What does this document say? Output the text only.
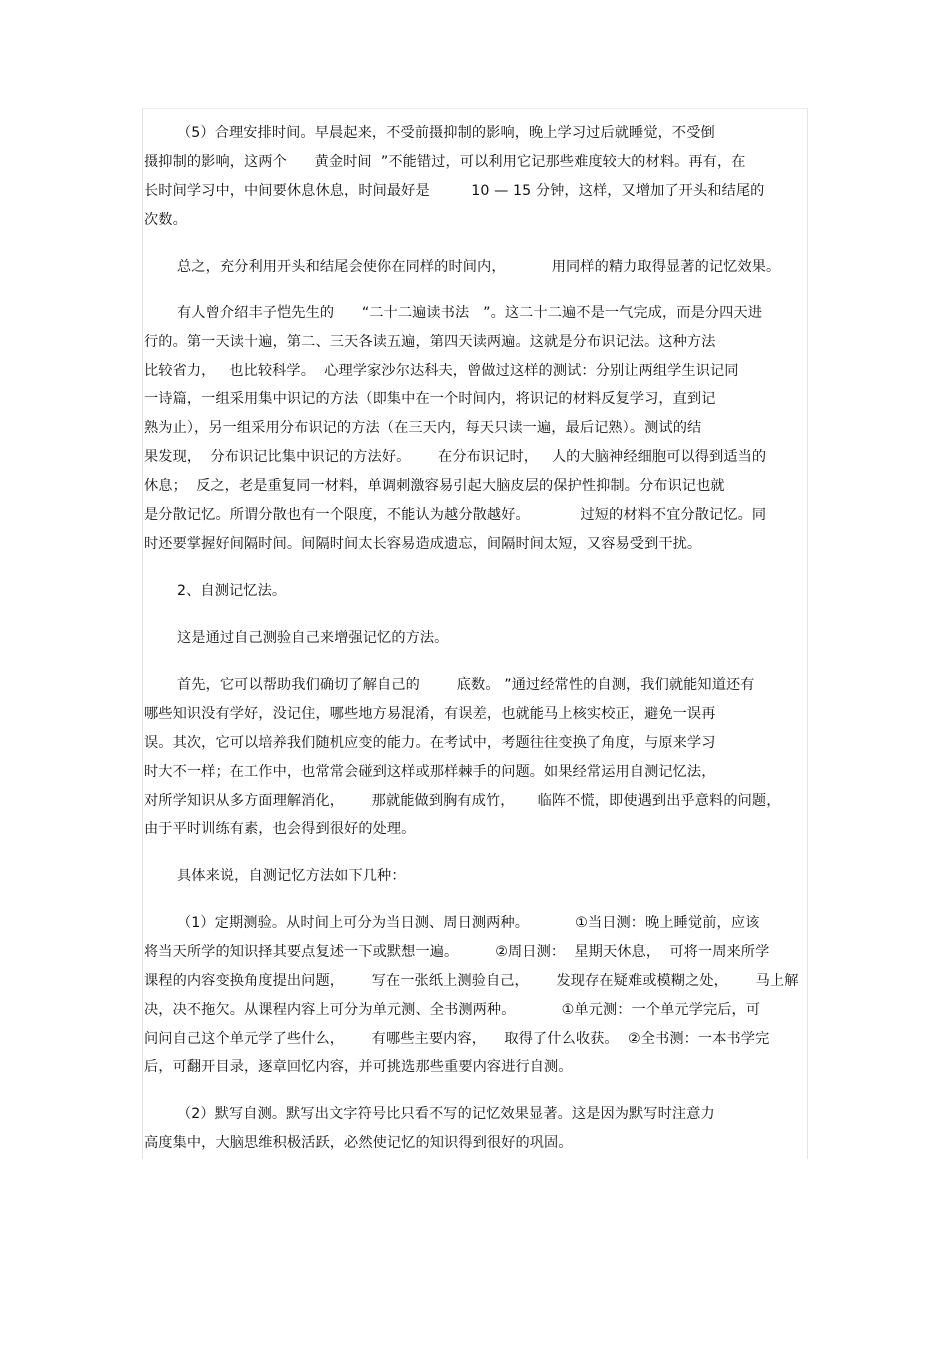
（5）合理安排时间。早晨起来，不受前摄抑制的影响，晚上学习过后就睡觉，不受倒
摄抑制的影响，这两个      黄金时间  ”不能错过，可以利用它记那些难度较大的材料。再有，在
长时间学习中，中间要休息休息，时间最好是         10 — 15 分钟，这样，又增加了开头和结尾的
次数。
总之，充分利用开头和结尾会使你在同样的时间内，          用同样的精力取得显著的记忆效果。
有人曾介绍丰子恺先生的      “二十二遍读书法   ”。这二十二遍不是一气完成，而是分四天进
行的。第一天读十遍，第二、三天各读五遍，第四天读两遍。这就是分布识记法。这种方法
比较省力，   也比较科学。  心理学家沙尔达科夫，曾做过这样的测试：分别让两组学生识记同
一诗篇，一组采用集中识记的方法（即集中在一个时间内，将识记的材料反复学习，直到记
熟为止），另一组采用分布识记的方法（在三天内，每天只读一遍，最后记熟）。测试的结
果发现，  分布识记比集中识记的方法好。      在分布识记时，   人的大脑神经细胞可以得到适当的
休息；  反之，老是重复同一材料，单调刺激容易引起大脑皮层的保护性抑制。分布识记也就
是分散记忆。所谓分散也有一个限度，不能认为越分散越好。           过短的材料不宜分散记忆。同
时还要掌握好间隔时间。间隔时间太长容易造成遗忘，间隔时间太短，又容易受到干扰。
2、自测记忆法。
这是通过自己测验自己来增强记忆的方法。
首先，它可以帮助我们确切了解自己的        底数。 ”通过经常性的自测，我们就能知道还有
哪些知识没有学好，没记住，哪些地方易混淆，有误差，也就能马上核实校正，避免一误再
误。其次，它可以培养我们随机应变的能力。在考试中，考题往往变换了角度，与原来学习
时大不一样；在工作中，也常常会碰到这样或那样棘手的问题。如果经常运用自测记忆法，
对所学知识从多方面理解消化，      那就能做到胸有成竹，     临阵不慌，即使遇到出乎意料的问题，
由于平时训练有素，也会得到很好的处理。
具体来说，自测记忆方法如下几种：
（1）定期测验。从时间上可分为当日测、周日测两种。          ①当日测：晚上睡觉前，应该
将当天所学的知识择其要点复述一下或默想一遍。        ②周日测：  星期天休息，  可将一周来所学
课程的内容变换角度提出问题，      写在一张纸上测验自己，      发现存在疑难或模糊之处，      马上解
决，决不拖欠。从课程内容上可分为单元测、全书测两种。          ①单元测：一个单元学完后，可
问问自己这个单元学了些什么，      有哪些主要内容，    取得了什么收获。  ②全书测：一本书学完
后，可翻开目录，逐章回忆内容，并可挑选那些重要内容进行自测。
（2）默写自测。默写出文字符号比只看不写的记忆效果显著。这是因为默写时注意力
高度集中，大脑思维积极活跃，必然使记忆的知识得到很好的巩固。
